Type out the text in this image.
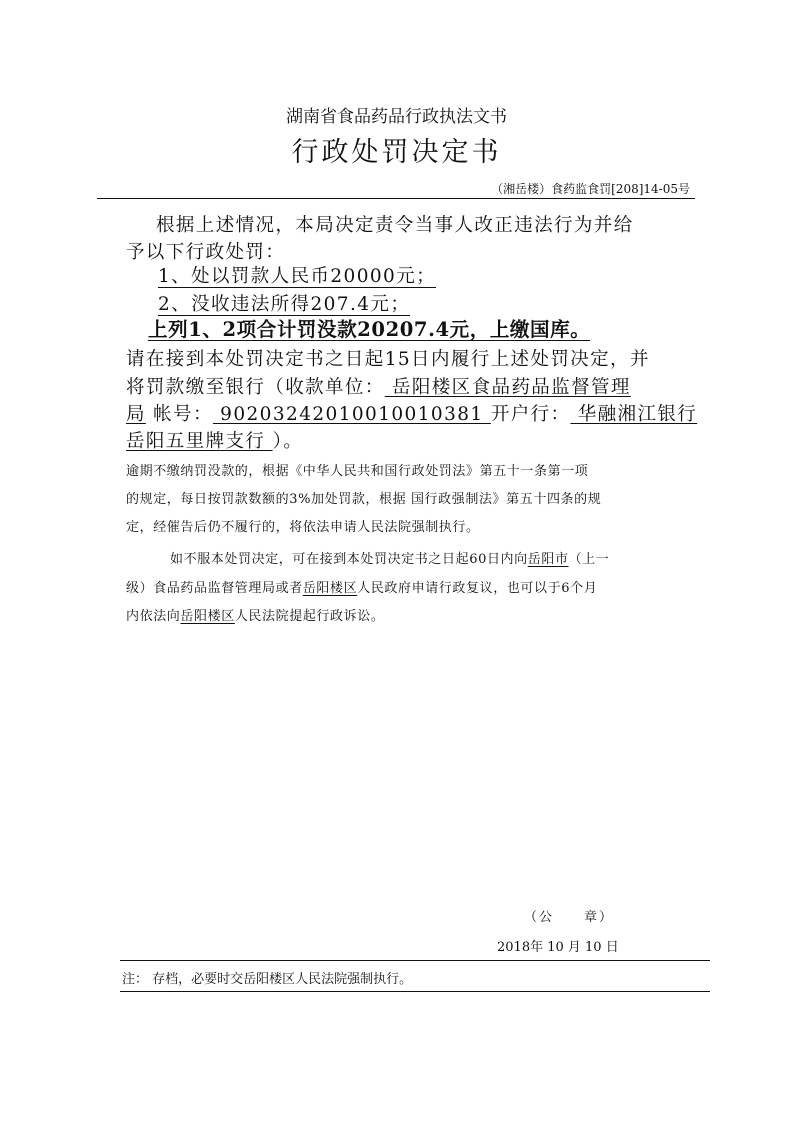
湖南省食品药品行政执法文书
行政处罚决定书
（湘岳楼）食药监食罚[208]14-05号
根据上述情况，本局决定责令当事人改正违法行为并给
予以下行政处罚：
1、处以罚款人民币20000元；
2、没收违法所得207.4元；
上列1、2项合计罚没款20207.4元，上缴国库。
请在接到本处罚决定书之日起15日内履行上述处罚决定，并
将罚款缴至银行（收款单位： 岳阳楼区食品药品监督管理
局 帐号： 90203242010010010381 开户行： 华融湘江银行
岳阳五里牌支行 ）。
逾期不缴纳罚没款的，根据《中华人民共和国行政处罚法》第五十一条第一项
的规定，每日按罚款数额的3%加处罚款，根据 国行政强制法》第五十四条的规
定，经催告后仍不履行的，将依法申请人民法院强制执行。
如不服本处罚决定，可在接到本处罚决定书之日起60日内向岳阳市（上一
级）食品药品监督管理局或者岳阳楼区人民政府申请行政复议，也可以于6个月
内依法向岳阳楼区人民法院提起行政诉讼。
（公　　章）
2018年 10 月 10 日
注： 存档，必要时交岳阳楼区人民法院强制执行。
